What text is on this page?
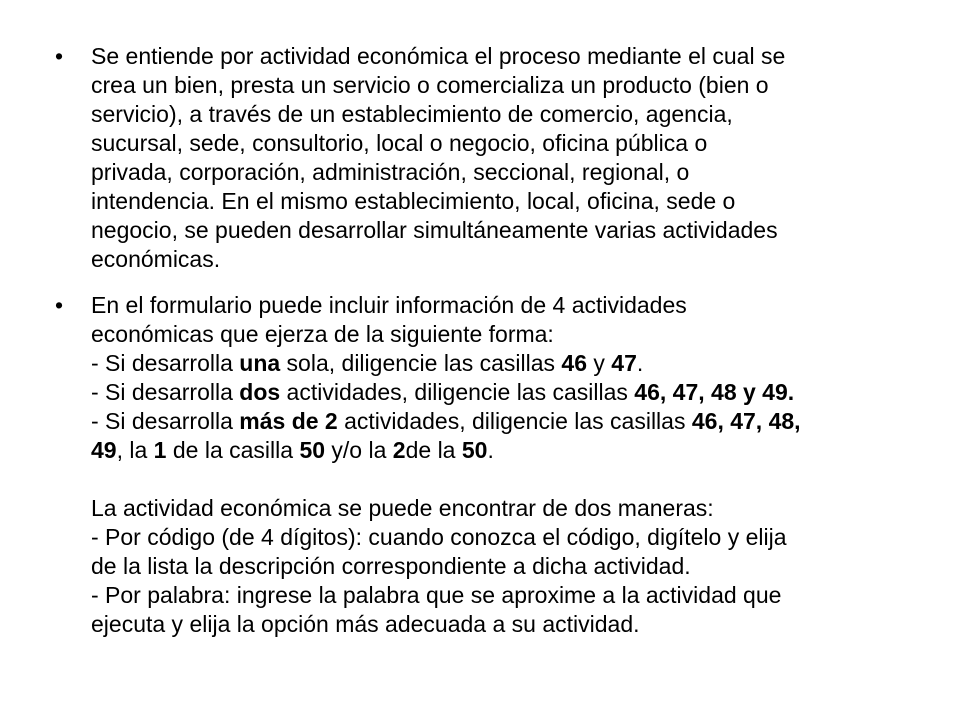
•	Se entiende por actividad económica el proceso mediante el cual se
crea un bien, presta un servicio o comercializa un producto (bien o
servicio), a través de un establecimiento de comercio, agencia,
sucursal, sede, consultorio, local o negocio, oficina pública o
privada, corporación, administración, seccional, regional, o
intendencia. En el mismo establecimiento, local, oficina, sede o
negocio, se pueden desarrollar simultáneamente varias actividades
económicas.
•	En el formulario puede incluir información de 4 actividades
económicas que ejerza de la siguiente forma:
- Si desarrolla una sola, diligencie las casillas 46 y 47.
- Si desarrolla dos actividades, diligencie las casillas 46, 47, 48 y 49.
- Si desarrolla más de 2 actividades, diligencie las casillas 46, 47, 48,
49, la 1 de la casilla 50 y/o la 2de la 50.
La actividad económica se puede encontrar de dos maneras:
- Por código (de 4 dígitos): cuando conozca el código, digítelo y elija
de la lista la descripción correspondiente a dicha actividad.
- Por palabra: ingrese la palabra que se aproxime a la actividad que
ejecuta y elija la opción más adecuada a su actividad.
